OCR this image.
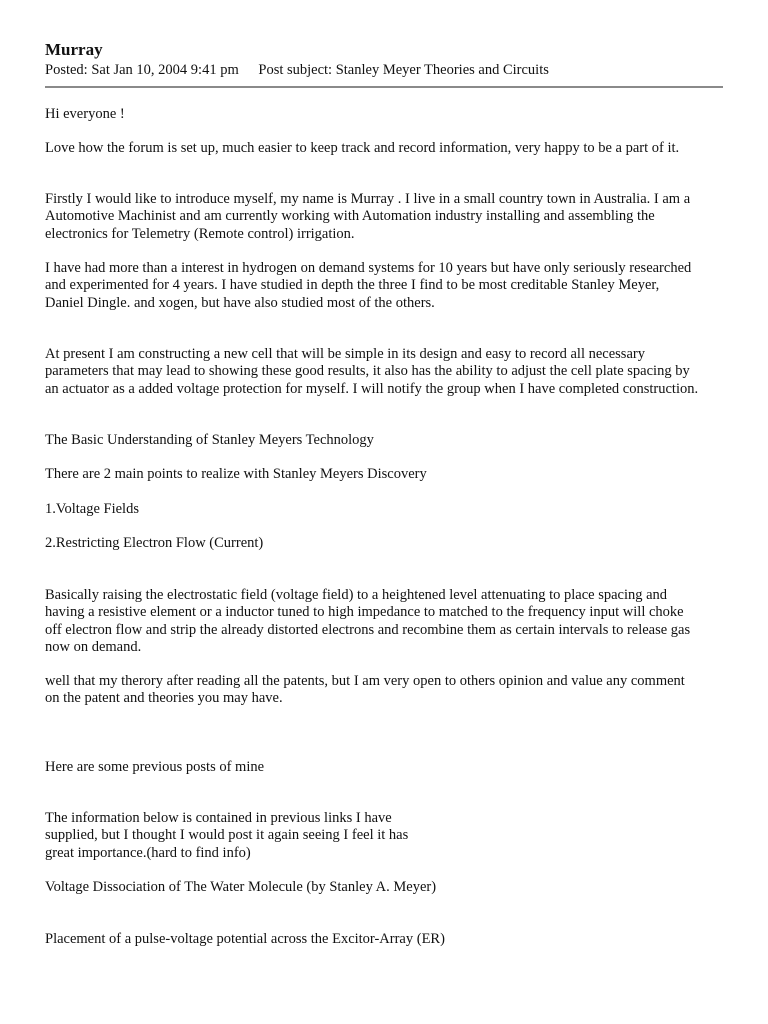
Murray
Posted: Sat Jan 10, 2004 9:41 pm Post subject: Stanley Meyer Theories and Circuits
Hi everyone !
Love how the forum is set up, much easier to keep track and record information, very happy to be a part of it.
Firstly I would like to introduce myself, my name is Murray . I live in a small country town in Australia. I am a
Automotive Machinist and am currently working with Automation industry installing and assembling the
electronics for Telemetry (Remote control) irrigation.
I have had more than a interest in hydrogen on demand systems for 10 years but have only seriously researched
and experimented for 4 years. I have studied in depth the three I find to be most creditable Stanley Meyer,
Daniel Dingle. and xogen, but have also studied most of the others.
At present I am constructing a new cell that will be simple in its design and easy to record all necessary
parameters that may lead to showing these good results, it also has the ability to adjust the cell plate spacing by
an actuator as a added voltage protection for myself. I will notify the group when I have completed construction.
The Basic Understanding of Stanley Meyers Technology
There are 2 main points to realize with Stanley Meyers Discovery
1.Voltage Fields
2.Restricting Electron Flow (Current)
Basically raising the electrostatic field (voltage field) to a heightened level attenuating to place spacing and
having a resistive element or a inductor tuned to high impedance to matched to the frequency input will choke
off electron flow and strip the already distorted electrons and recombine them as certain intervals to release gas
now on demand.
well that my therory after reading all the patents, but I am very open to others opinion and value any comment
on the patent and theories you may have.
Here are some previous posts of mine
The information below is contained in previous links I have
supplied, but I thought I would post it again seeing I feel it has
great importance.(hard to find info)
Voltage Dissociation of The Water Molecule (by Stanley A. Meyer)
Placement of a pulse-voltage potential across the Excitor-Array (ER)
